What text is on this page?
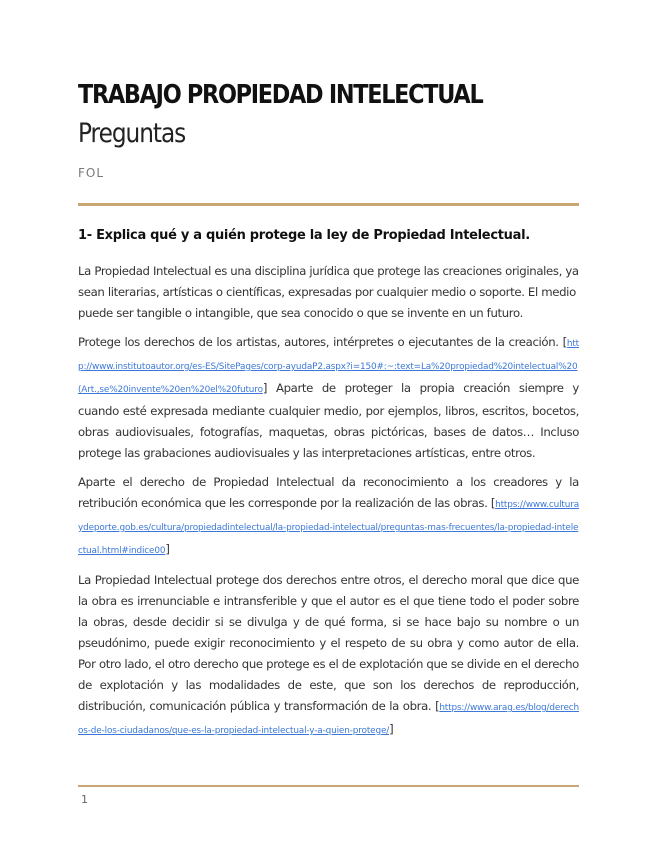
TRABAJO PROPIEDAD INTELECTUAL
Preguntas
FOL
1- Explica qué y a quién protege la ley de Propiedad Intelectual.

La Propiedad Intelectual es una disciplina jurídica que protege las creaciones originales, ya sean literarias, artísticas o científicas, expresadas por cualquier medio o soporte. El medio puede ser tangible o intangible, que sea conocido o que se invente en un futuro.

Protege los derechos de los artistas, autores, intérpretes o ejecutantes de la creación. [http://www.institutoautor.org/es-ES/SitePages/corp-ayudaP2.aspx?i=150#:~:text=La%20propiedad%20intelectual%20(Art.,se%20invente%20en%20el%20futuro] Aparte de proteger la propia creación siempre y cuando esté expresada mediante cualquier medio, por ejemplos, libros, escritos, bocetos, obras audiovisuales, fotografías, maquetas, obras pictóricas, bases de datos… Incluso protege las grabaciones audiovisuales y las interpretaciones artísticas, entre otros.

Aparte el derecho de Propiedad Intelectual da reconocimiento a los creadores y la retribución económica que les corresponde por la realización de las obras. [https://www.culturaydeporte.gob.es/cultura/propiedadintelectual/la-propiedad-intelectual/preguntas-mas-frecuentes/la-propiedad-intelectual.html#indice00]

La Propiedad Intelectual protege dos derechos entre otros, el derecho moral que dice que la obra es irrenunciable e intransferible y que el autor es el que tiene todo el poder sobre la obras, desde decidir si se divulga y de qué forma, si se hace bajo su nombre o un pseudónimo, puede exigir reconocimiento y el respeto de su obra y como autor de ella. Por otro lado, el otro derecho que protege es el de explotación que se divide en el derecho de explotación y las modalidades de este, que son los derechos de reproducción, distribución, comunicación pública y transformación de la obra. [https://www.arag.es/blog/derechos-de-los-ciudadanos/que-es-la-propiedad-intelectual-y-a-quien-protege/]

1
